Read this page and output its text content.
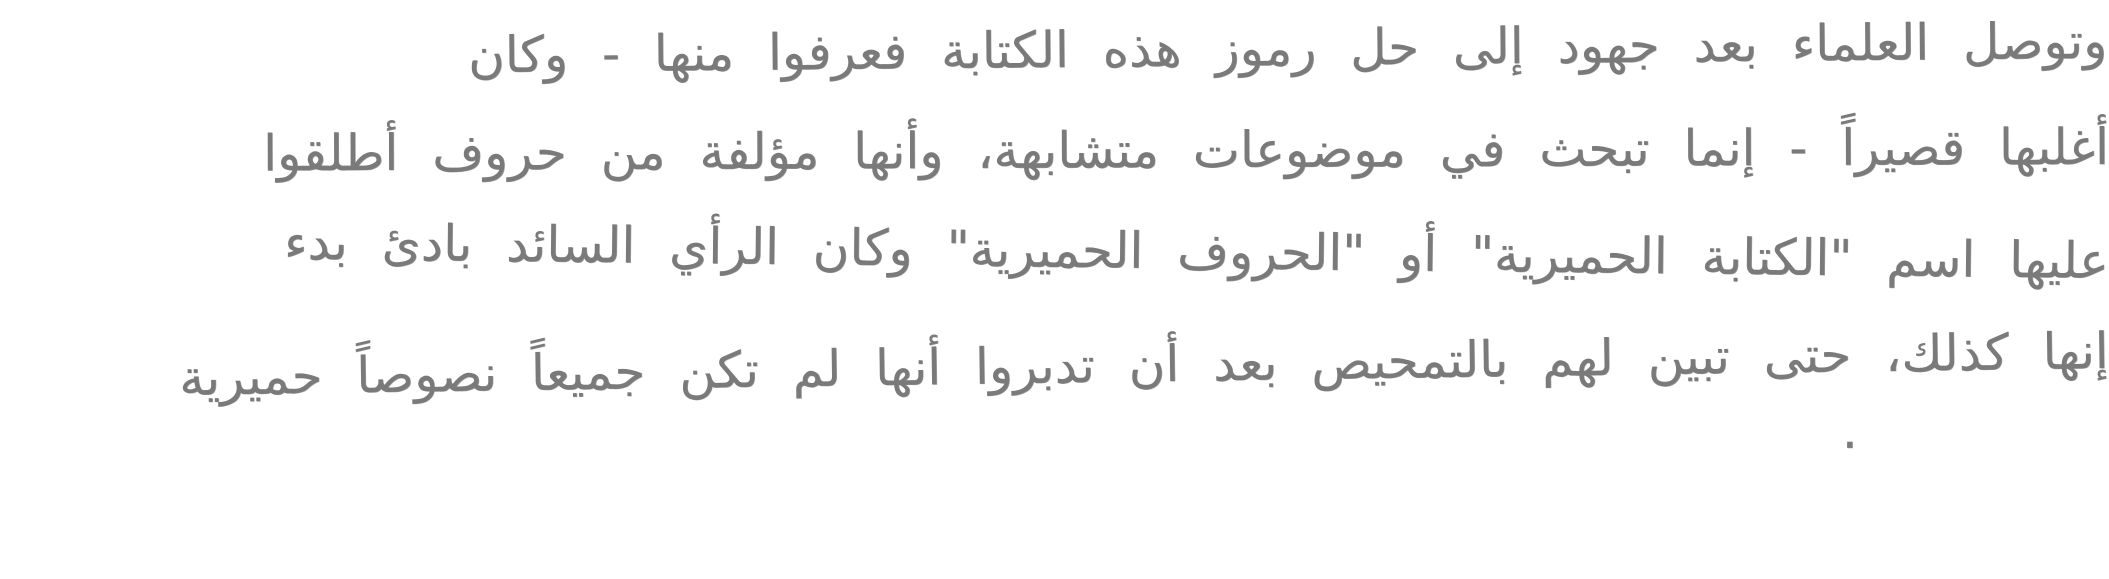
وتوصل العلماء بعد جهود إلى حل رموز هذه الكتابة فعرفوا منها - وكان
أغلبها قصيراً - إنما تبحث في موضوعات متشابهة، وأنها مؤلفة من حروف أطلقوا
عليها اسم "الكتابة الحميرية" أو "الحروف الحميرية" وكان الرأي السائد بادئ بدء
إنها كذلك، حتى تبين لهم بالتمحيص بعد أن تدبروا أنها لم تكن جميعاً نصوصاً حميرية
.
